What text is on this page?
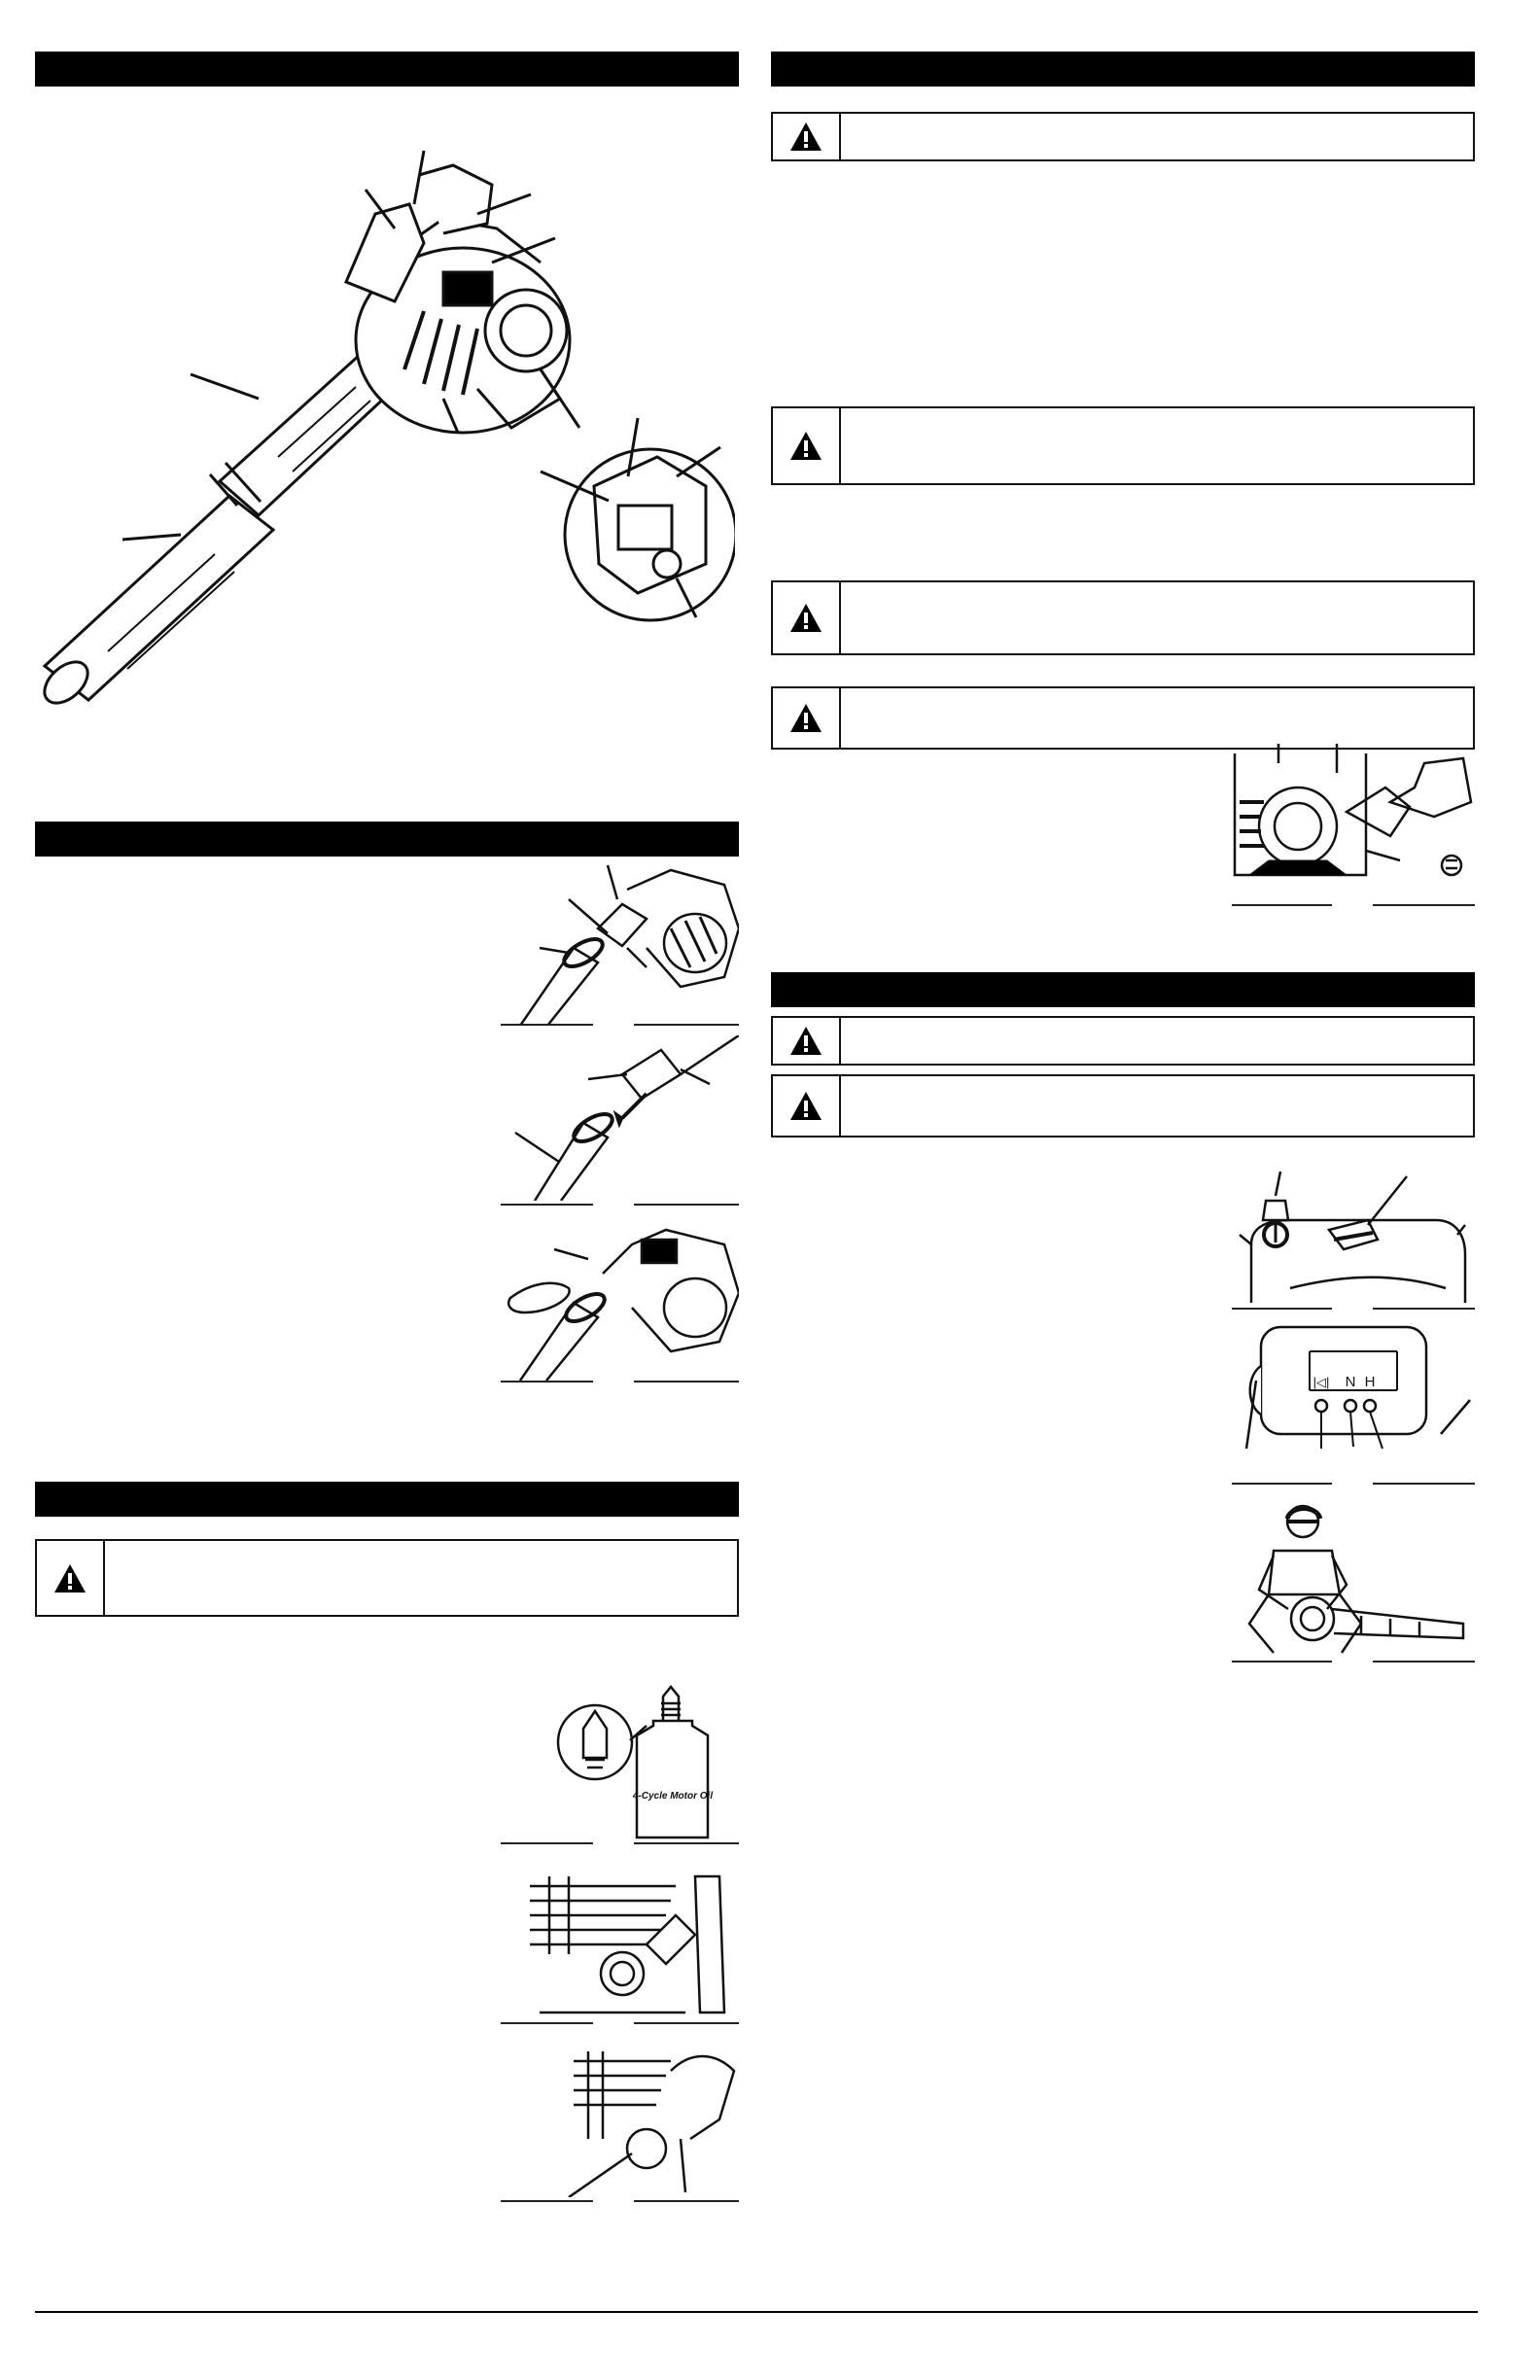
4-Cycle Motor Oil
|◁| N H
